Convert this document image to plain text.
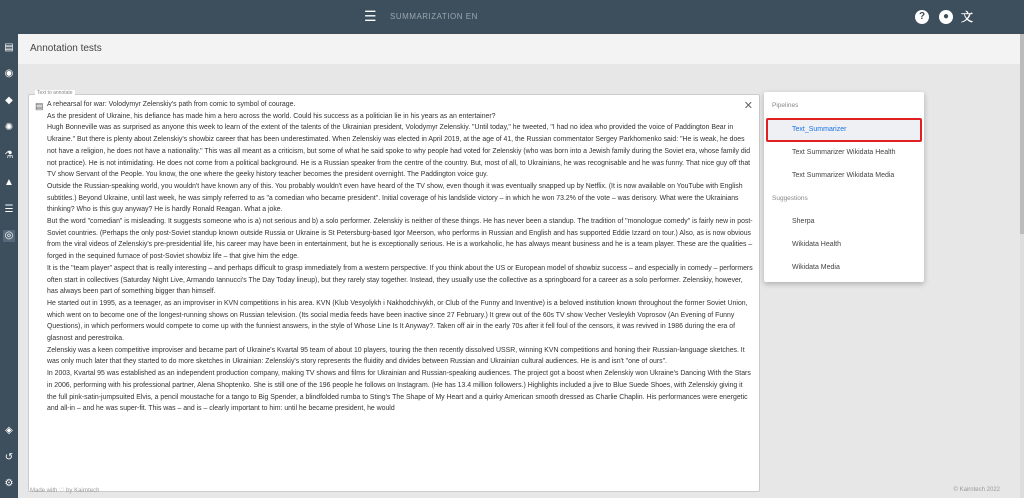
▤
◉
◆
✺
⚗
▲
☰
◎
◈
↺
⚙
☰ SUMMARIZATION EN	?	● 文
Annotation tests
Text to annotate
▤	✕

A rehearsal for war: Volodymyr Zelenskiy's path from comic to symbol of courage.

As the president of Ukraine, his defiance has made him a hero across the world. Could his success as a politician lie in his years as an entertainer?

Hugh Bonneville was as surprised as anyone this week to learn of the extent of the talents of the Ukrainian president, Volodymyr Zelenskiy. "Until today," he tweeted, "I had no idea who provided the voice of Paddington Bear in Ukraine." But there is plenty about Zelenskiy's showbiz career that has been underestimated. When Zelenskiy was elected in April 2019, at the age of 41, the Russian commentator Sergey Parkhomenko said: "He is weak, he does not have a religion, he does not have a nationality." This was all meant as a criticism, but some of what he said spoke to why people had voted for Zelenskiy (who was born into a Jewish family during the Soviet era, whose family did not practice). He is not intimidating. He does not come from a political background. He is a Russian speaker from the centre of the country. But, most of all, to Ukrainians, he was recognisable and he was funny. That nice guy off that TV show Servant of the People. You know, the one where the geeky history teacher becomes the president overnight. The Paddington voice guy.

Outside the Russian-speaking world, you wouldn't have known any of this. You probably wouldn't even have heard of the TV show, even though it was eventually snapped up by Netflix. (It is now available on YouTube with English subtitles.) Beyond Ukraine, until last week, he was simply referred to as "a comedian who became president". Initial coverage of his landslide victory – in which he won 73.2% of the vote – was derisory. What were the Ukrainians thinking? Who is this guy anyway? He is hardly Ronald Reagan. What a joke.

But the word "comedian" is misleading. It suggests someone who is a) not serious and b) a solo performer. Zelenskiy is neither of these things. He has never been a standup. The tradition of "monologue comedy" is fairly new in post-Soviet countries. (Perhaps the only post-Soviet standup known outside Russia or Ukraine is St Petersburg-based Igor Meerson, who performs in Russian and English and has supported Eddie Izzard on tour.) Also, as is now obvious from the viral videos of Zelenskiy's pre-presidential life, his career may have been in entertainment, but he is exceptionally serious. He is a workaholic, he has always meant business and he is a team player. These are the qualities – forged in the sequined furnace of post-Soviet showbiz life – that give him the edge.

It is the "team player" aspect that is really interesting – and perhaps difficult to grasp immediately from a western perspective. If you think about the US or European model of showbiz success – and especially in comedy – performers often start in collectives (Saturday Night Live, Armando Iannucci's The Day Today lineup), but they rarely stay together. Instead, they usually use the collective as a springboard for a career as a solo performer. Zelenskiy, however, has always been part of something bigger than himself.

He started out in 1995, as a teenager, as an improviser in KVN competitions in his area. KVN (Klub Vesyolykh i Nakhodchivykh, or Club of the Funny and Inventive) is a beloved institution known throughout the former Soviet Union, which went on to become one of the longest-running shows on Russian television. (Its social media feeds have been inactive since 27 February.) It grew out of the 60s TV show Vecher Vesleykh Voprosov (An Evening of Funny Questions), in which performers would compete to come up with the funniest answers, in the style of Whose Line Is It Anyway?. Taken off air in the early 70s after it fell foul of the censors, it was revived in 1986 during the era of glasnost and perestroika.

Zelenskiy was a keen competitive improviser and became part of Ukraine's Kvartal 95 team of about 10 players, touring the then recently dissolved USSR, winning KVN competitions and honing their Russian-language sketches. It was only much later that they started to do more sketches in Ukrainian: Zelenskiy's story represents the fluidity and divides between Russian and Ukrainian cultural audiences. He is and isn't "one of ours".

In 2003, Kvartal 95 was established as an independent production company, making TV shows and films for Ukrainian and Russian-speaking audiences. The project got a boost when Zelenskiy won Ukraine's Dancing With the Stars in 2006, performing with his professional partner, Alena Shoptenko. She is still one of the 196 people he follows on Instagram. (He has 13.4 million followers.) Highlights included a jive to Blue Suede Shoes, with Zelenskiy giving it the full pink-satin-jumpsuited Elvis, a pencil moustache for a tango to Big Spender, a blindfolded rumba to Sting's The Shape of My Heart and a quirky American smooth dressed as Charlie Chaplin. His performances were energetic and all-in – and he was super-fit. This was – and is – clearly important to him: until he became president, he would

Pipelines
Text_Summarizer
Text Summarizer Wikidata Health
Text Summarizer Wikidata Media
Suggestions
Sherpa
Wikidata Health
Wikidata Media
Made with ♡ by Kairntech	© Kairntech 2022
